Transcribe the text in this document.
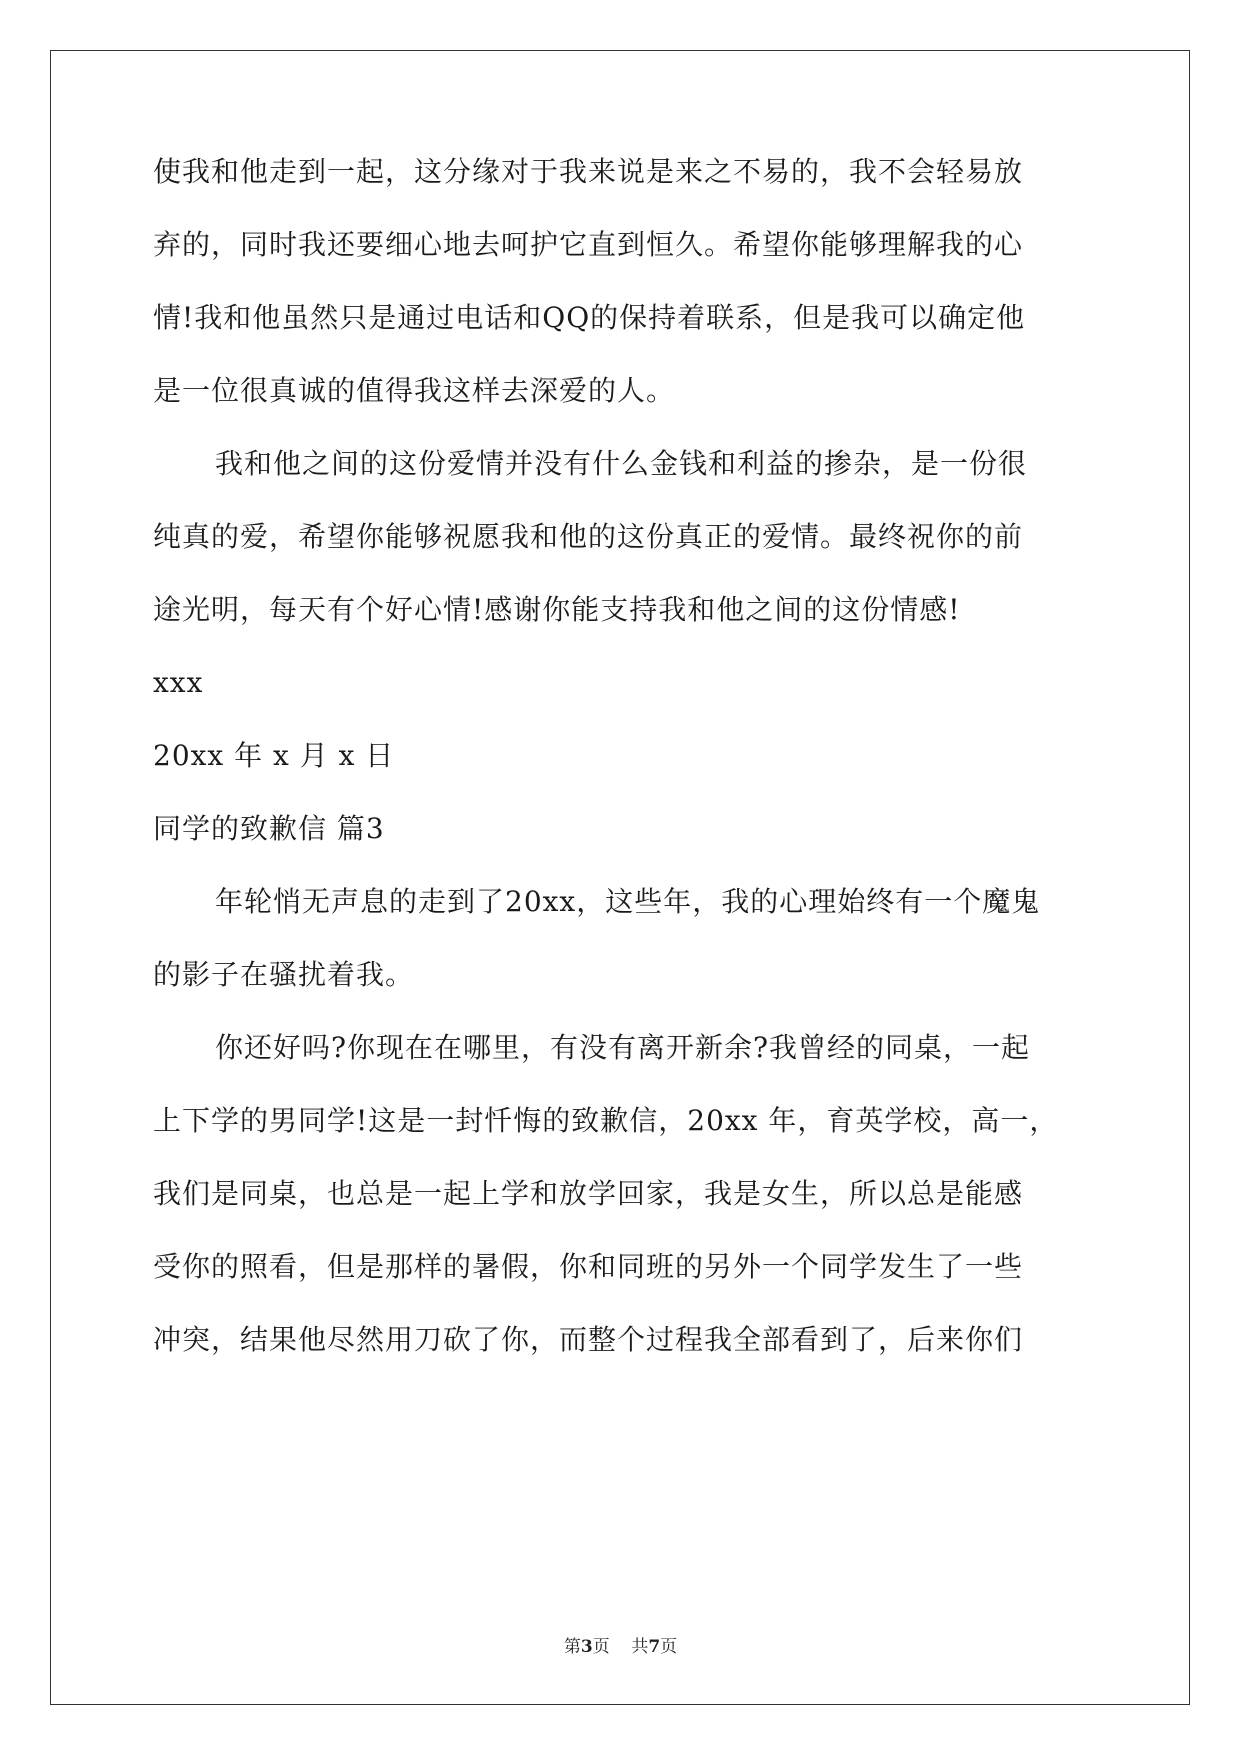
使我和他走到一起，这分缘对于我来说是来之不易的，我不会轻易放
弃的，同时我还要细心地去呵护它直到恒久。希望你能够理解我的心
情!我和他虽然只是通过电话和QQ的保持着联系，但是我可以确定他
是一位很真诚的值得我这样去深爱的人。
我和他之间的这份爱情并没有什么金钱和利益的掺杂，是一份很
纯真的爱，希望你能够祝愿我和他的这份真正的爱情。最终祝你的前
途光明，每天有个好心情!感谢你能支持我和他之间的这份情感!
xxx
20xx 年 x 月 x 日
同学的致歉信 篇3
年轮悄无声息的走到了20xx，这些年，我的心理始终有一个魔鬼
的影子在骚扰着我。
你还好吗?你现在在哪里，有没有离开新余?我曾经的同桌，一起
上下学的男同学!这是一封忏悔的致歉信，20xx 年，育英学校，高一，
我们是同桌，也总是一起上学和放学回家，我是女生，所以总是能感
受你的照看，但是那样的暑假，你和同班的另外一个同学发生了一些
冲突，结果他尽然用刀砍了你，而整个过程我全部看到了，后来你们
第3页 共7页
